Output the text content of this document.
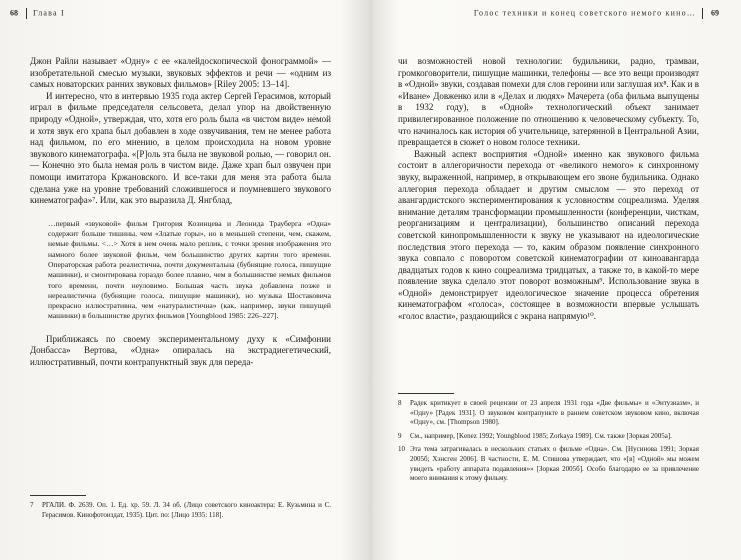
68 Глава I	Голос техники и конец советского немого кино… 69

Джон Райли называет «Одну» с ее «калейдоскопической фонограммой» — изобретательной смесью музыки, звуковых эффектов и речи — «одним из самых новаторских ранних звуковых фильмов» [Riley 2005: 13–14].

И интересно, что в интервью 1935 года актер Сергей Герасимов, который играл в фильме председателя сельсовета, делал упор на двойственную природу «Одной», утверждая, что, хотя его роль была «в чистом виде» немой и хотя звук его храпа был добавлен в ходе озвучивания, тем не менее работа над фильмом, по его мнению, в целом происходила на новом уровне звукового кинематографа. «[Р]оль эта была не звуковой ролью, — говорил он. — Конечно это была немая роль в чистом виде. Даже храп был озвучен при помощи имитатора Кржановского. И все-таки для меня эта работа была сделана уже на уровне требований сложившегося и поумневшего звукового кинематографа»⁷. Или, как это выразила Д. Янгблад,

…первый «звуковой» фильм Григория Козинцева и Леонида Трауберга «Одна» содержит больше тишины, чем «Златые горы», но в меньшей степени, чем, скажем, немые фильмы. <…> Хотя в нем очень мало реплик, с точки зрения изображения это намного более звуковой фильм, чем большинство других картин того времени. Операторская работа реалистична, почти документальна (бубнящие голоса, пишущие машинки), и смонтирована гораздо более плавно, чем в большинстве немых фильмов того времени, почти неуловимо. Большая часть звука добавлена позже и нереалистична (бубнящие голоса, пишущие машинки), но музыка Шостаковича прекрасно иллюстративна, чем «натуралистична» (как, например, звуки пишущей машинки) в большинстве других фильмов [Youngblood 1985: 226–227].

Приближаясь по своему экспериментальному духу к «Симфонии Донбасса» Вертова, «Одна» опиралась на экстрадиегетический, иллюстративный, почти контрапунктный звук для переда-

7 РГАЛИ. Ф. 2639. Оп. 1. Ед. хр. 59. Л. 34 об. (Лицо советского киноактера: Е. Кузьмина и С. Герасимов. Кинофотоиздат, 1935). Цит. по: [Лицо 1935: 118].

чи возможностей новой технологии: будильники, радио, трамваи, громкоговорители, пишущие машинки, телефоны — все это вещи производят в «Одной» звуки, создавая помехи для слов героини или заглушая их⁸. Как и в «Иване» Довженко или в «Делах и людях» Мачерета (оба фильма выпущены в 1932 году), в «Одной» технологический объект занимает привилегированное положение по отношению к человеческому субъекту. То, что начиналось как история об учительнице, затерянной в Центральной Азии, превращается в сюжет о новом голосе техники.

Важный аспект восприятия «Одной» именно как звукового фильма состоит в аллегоричности перехода от «великого немого» к синхронному звуку, выраженной, например, в открывающем его звоне будильника. Однако аллегория перехода обладает и другим смыслом — это переход от авангардистского экспериментирования к условностям соцреализма. Уделяя внимание деталям трансформации промышленности (конференции, чисткам, реорганизациям и централизации), большинство описаний перехода советской кинопромышленности к звуку не указывают на идеологические последствия этого перехода — то, каким образом появление синхронного звука совпало с поворотом советской кинематографии от киноавангарда двадцатых годов к кино соцреализма тридцатых, а также то, в какой-то мере появление звука сделало этот поворот возможным⁹. Использование звука в «Одной» демонстрирует идеологическое значение процесса обретения кинематографом «голоса», состоящее в возможности впервые услышать «голос власти», раздающийся с экрана напрямую¹⁰.

8 Радек критикует в своей рецензии от 23 апреля 1931 года «Две фильмы» и «Энтузиазм», и «Одну» [Радек 1931]. О звуковом контрапункте в раннем советском звуковом кино, включая «Одну», см. [Thompson 1980].
9 См., например, [Kenez 1992; Youngblood 1985; Zorkaya 1989]. См. также [Зоркая 2005a].
10 Эта тема затрагивалась в нескольких статьях о фильме «Одна». См. [Нусинова 1991; Зоркая 2005б; Хэнсген 2006]. В частности, Е. М. Стишова утверждает, что «[в] «Одной» мы можем увидеть «работу аппарата подавления»» [Зоркая 2005б]. Особо благодарю ее за привлечение моего внимания к этому фильму.
